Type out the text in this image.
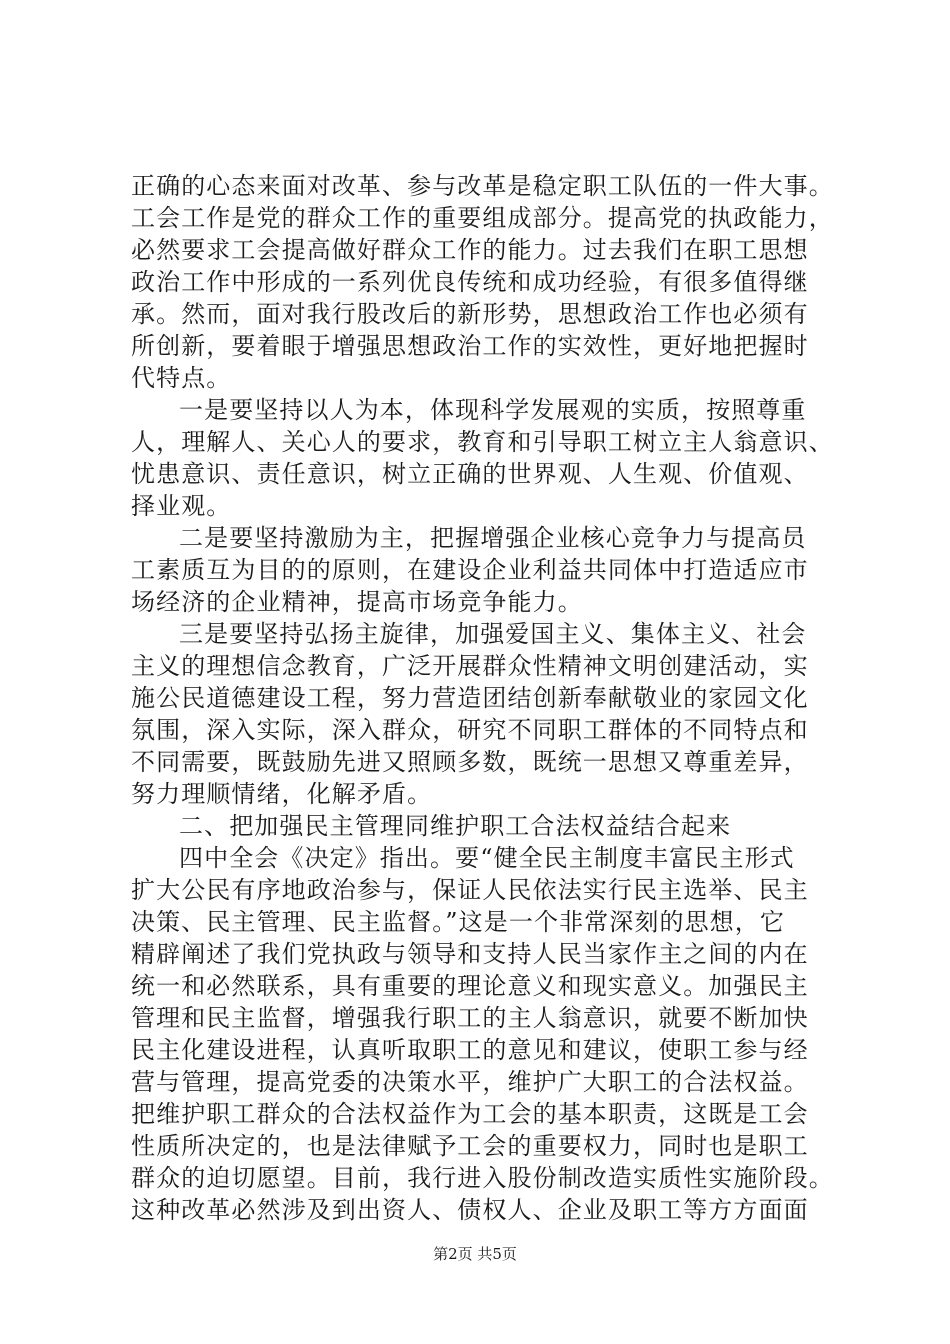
正确的心态来面对改革、参与改革是稳定职工队伍的一件大事。
工会工作是党的群众工作的重要组成部分。提高党的执政能力，
必然要求工会提高做好群众工作的能力。过去我们在职工思想
政治工作中形成的一系列优良传统和成功经验，有很多值得继
承。然而，面对我行股改后的新形势，思想政治工作也必须有
所创新，要着眼于增强思想政治工作的实效性，更好地把握时
代特点。
一是要坚持以人为本，体现科学发展观的实质，按照尊重
人，理解人、关心人的要求，教育和引导职工树立主人翁意识、
忧患意识、责任意识，树立正确的世界观、人生观、价值观、
择业观。
二是要坚持激励为主，把握增强企业核心竞争力与提高员
工素质互为目的的原则，在建设企业利益共同体中打造适应市
场经济的企业精神，提高市场竞争能力。
三是要坚持弘扬主旋律，加强爱国主义、集体主义、社会
主义的理想信念教育，广泛开展群众性精神文明创建活动，实
施公民道德建设工程，努力营造团结创新奉献敬业的家园文化
氛围，深入实际，深入群众，研究不同职工群体的不同特点和
不同需要，既鼓励先进又照顾多数，既统一思想又尊重差异，
努力理顺情绪，化解矛盾。
二、把加强民主管理同维护职工合法权益结合起来
四中全会《决定》指出。要“健全民主制度丰富民主形式
扩大公民有序地政治参与，保证人民依法实行民主选举、民主
决策、民主管理、民主监督。”这是一个非常深刻的思想，它
精辟阐述了我们党执政与领导和支持人民当家作主之间的内在
统一和必然联系，具有重要的理论意义和现实意义。加强民主
管理和民主监督，增强我行职工的主人翁意识，就要不断加快
民主化建设进程，认真听取职工的意见和建议，使职工参与经
营与管理，提高党委的决策水平，维护广大职工的合法权益。
把维护职工群众的合法权益作为工会的基本职责，这既是工会
性质所决定的，也是法律赋予工会的重要权力，同时也是职工
群众的迫切愿望。目前，我行进入股份制改造实质性实施阶段。
这种改革必然涉及到出资人、债权人、企业及职工等方方面面
第2页 共5页
